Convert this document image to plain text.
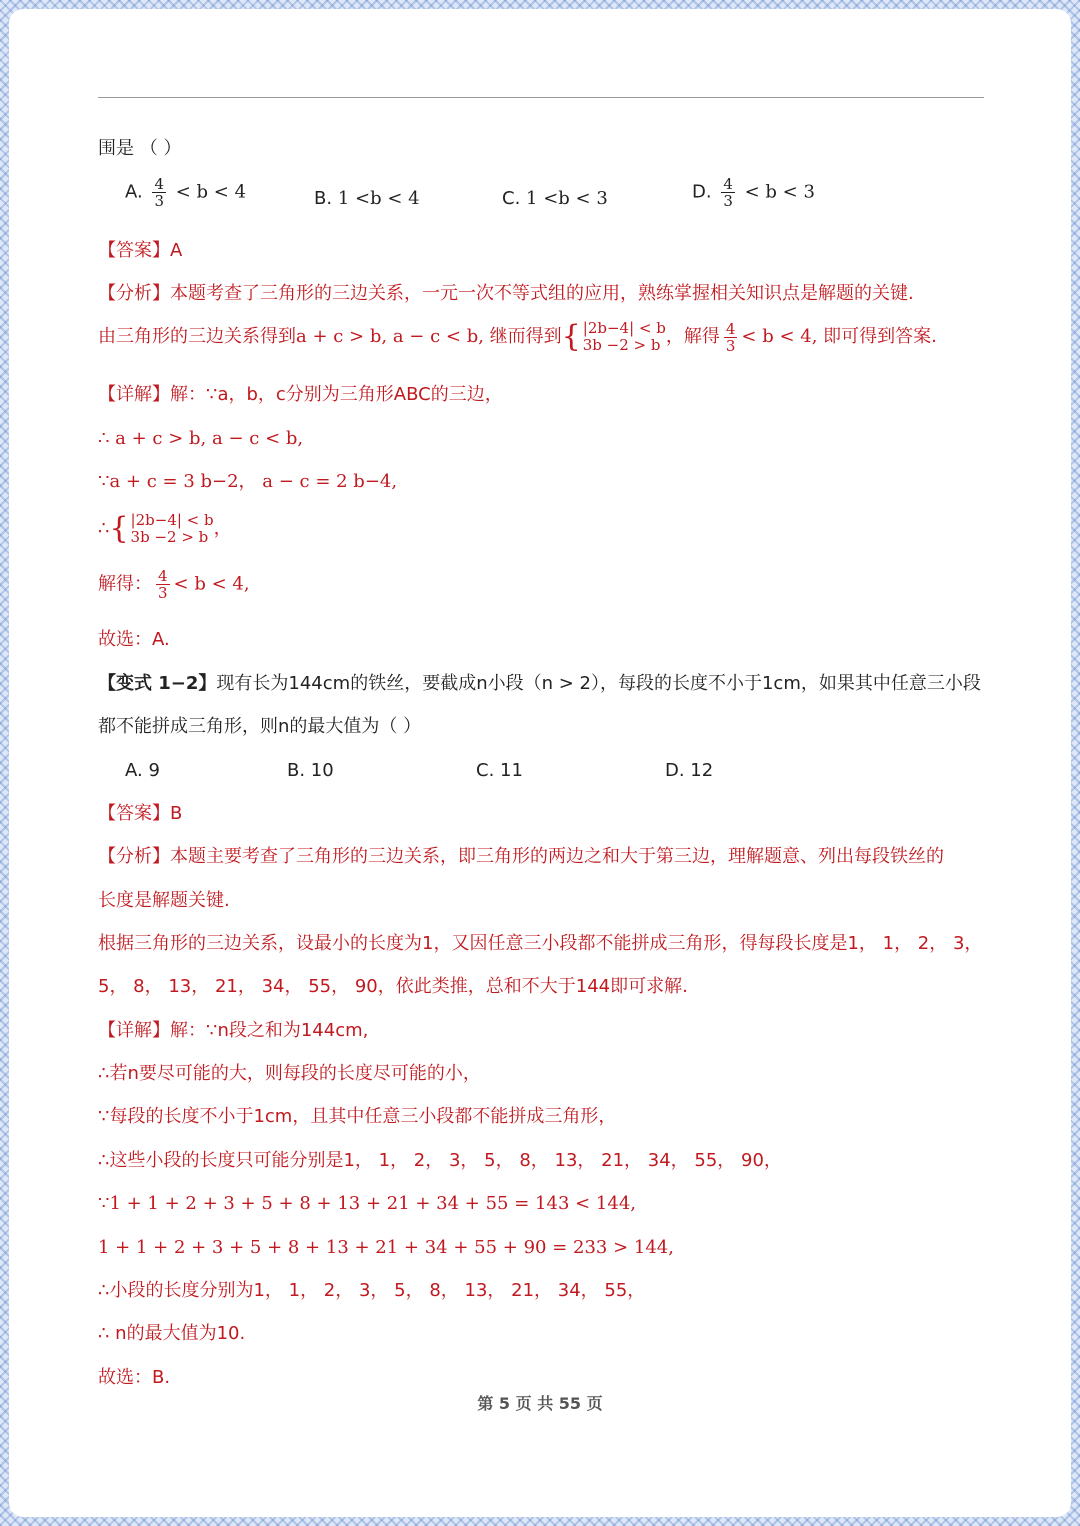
围是 （ ）
A. $\frac{4}{3} < b < 4$	B. 1 <b < 4	C. 1 <b < 3	D. $\frac{4}{3} < b < 3$
【答案】A
【分析】本题考查了三角形的三边关系，一元一次不等式组的应用，熟练掌握相关知识点是解题的关键.
由三角形的三边关系得到a + c > b, a − c < b, 继而得到 { |2b−4| < b
3b −2 > b ，解得 $\frac{4}{3} < b < 4$, 即可得到答案.
【详解】解：∵a，b，c分别为三角形ABC的三边，
∴ a + c > b, a − c < b,
∵a + c = 3 b−2， a − c = 2 b−4,
∴ { |2b−4| < b
3b −2 > b ，
解得： $\frac{4}{3} < b < 4$,
故选：A.
【变式 1−2】现有长为144cm的铁丝，要截成n小段（n > 2），每段的长度不小于1cm，如果其中任意三小段
都不能拼成三角形，则n的最大值为（ ）
A. 9	B. 10	C. 11	D. 12
【答案】B
【分析】本题主要考查了三角形的三边关系，即三角形的两边之和大于第三边，理解题意、列出每段铁丝的
长度是解题关键.
根据三角形的三边关系，设最小的长度为1，又因任意三小段都不能拼成三角形，得每段长度是1， 1， 2， 3，
5， 8， 13， 21， 34， 55， 90，依此类推，总和不大于144即可求解.
【详解】解：∵n段之和为144cm,
∴若n要尽可能的大，则每段的长度尽可能的小，
∵每段的长度不小于1cm，且其中任意三小段都不能拼成三角形，
∴这些小段的长度只可能分别是1， 1， 2， 3， 5， 8， 13， 21， 34， 55， 90，
∵1 + 1 + 2 + 3 + 5 + 8 + 13 + 21 + 34 + 55 = 143 < 144,
1 + 1 + 2 + 3 + 5 + 8 + 13 + 21 + 34 + 55 + 90 = 233 > 144,
∴小段的长度分别为1， 1， 2， 3， 5， 8， 13， 21， 34， 55，
∴ n的最大值为10.
故选：B.
第 5 页 共 55 页
